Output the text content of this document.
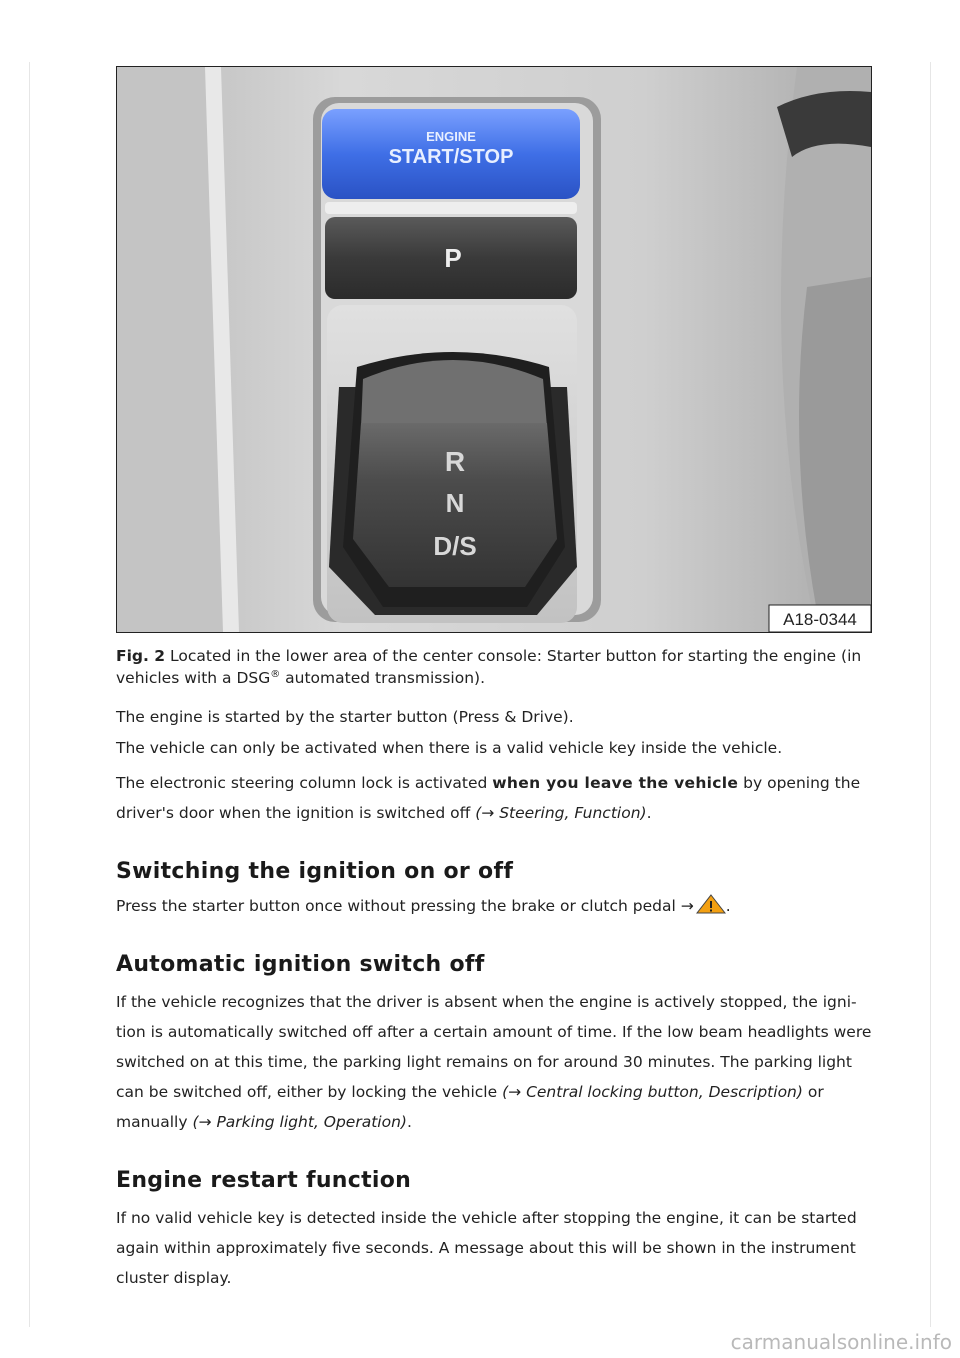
ENGINE
START/STOP
P
R
N
D/S
A18-0344

Fig. 2 Located in the lower area of the center console: Starter button for starting the engine (in vehicles with a DSG® automated transmission).

The engine is started by the starter button (Press & Drive).

The vehicle can only be activated when there is a valid vehicle key inside the vehicle.

The electronic steering column lock is activated when you leave the vehicle by opening the driver's door when the ignition is switched off (→ Steering, Function).

Switching the ignition on or off

Press the starter button once without pressing the brake or clutch pedal → .

Automatic ignition switch off

If the vehicle recognizes that the driver is absent when the engine is actively stopped, the ignition is automatically switched off after a certain amount of time. If the low beam headlights were switched on at this time, the parking light remains on for around 30 minutes. The parking light can be switched off, either by locking the vehicle (→ Central locking button, Description) or manually (→ Parking light, Operation).

Engine restart function

If no valid vehicle key is detected inside the vehicle after stopping the engine, it can be started again within approximately five seconds. A message about this will be shown in the instrument cluster display.

carmanualsonline.info
